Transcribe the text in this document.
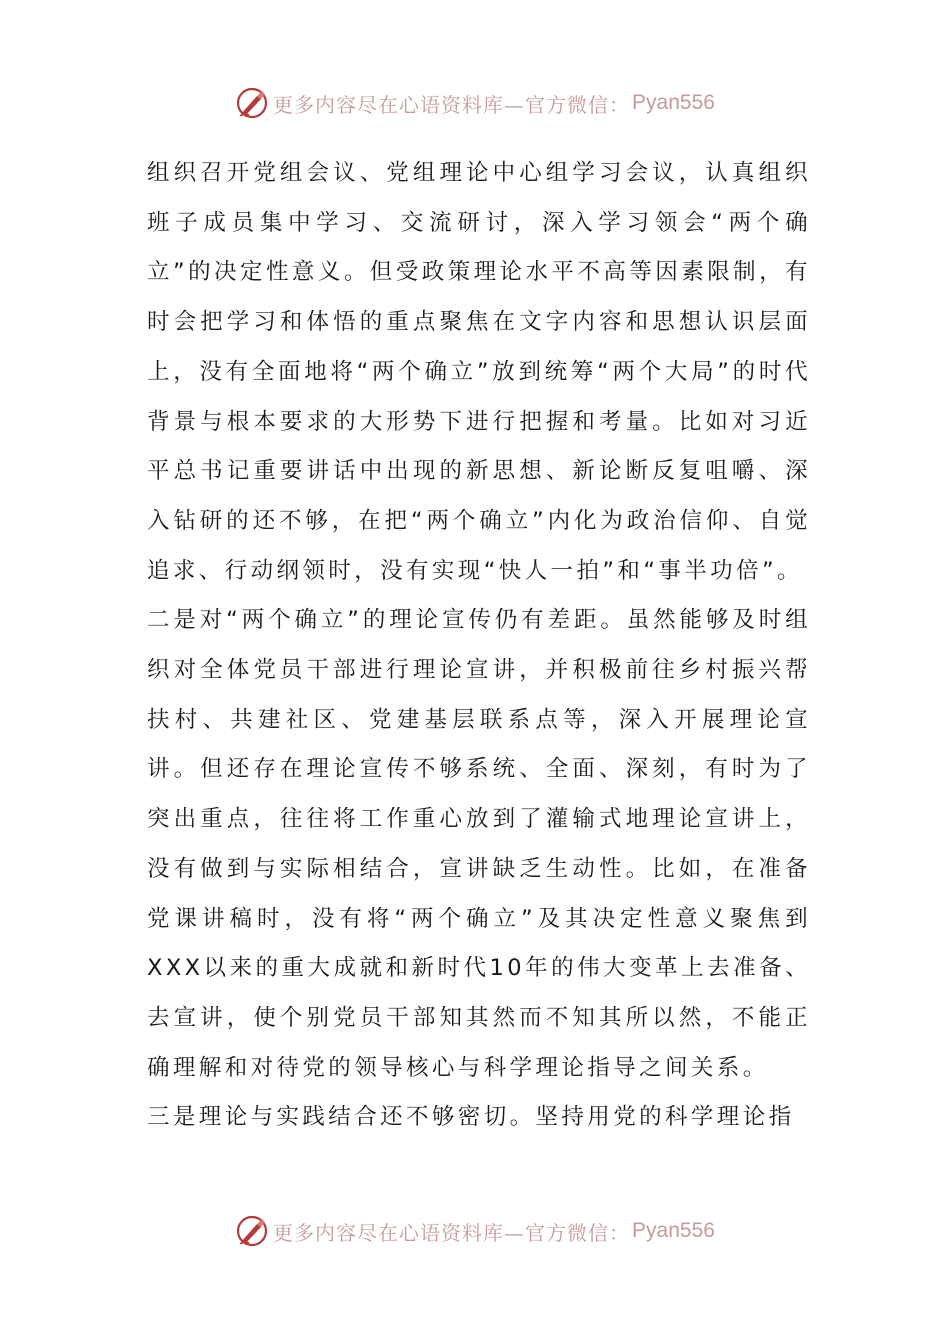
更多内容尽在心语资料库—官方微信： Pyan556

组织召开党组会议、党组理论中心组学习会议，认真组织班子成员集中学习、交流研讨，深入学习领会“两个确立”的决定性意义。但受政策理论水平不高等因素限制，有时会把学习和体悟的重点聚焦在文字内容和思想认识层面上，没有全面地将“两个确立”放到统筹“两个大局”的时代背景与根本要求的大形势下进行把握和考量。比如对习近平总书记重要讲话中出现的新思想、新论断反复咀嚼、深入钻研的还不够，在把“两个确立”内化为政治信仰、自觉追求、行动纲领时，没有实现“快人一拍”和“事半功倍”。

二是对“两个确立”的理论宣传仍有差距。虽然能够及时组织对全体党员干部进行理论宣讲，并积极前往乡村振兴帮扶村、共建社区、党建基层联系点等，深入开展理论宣讲。但还存在理论宣传不够系统、全面、深刻，有时为了突出重点，往往将工作重心放到了灌输式地理论宣讲上，没有做到与实际相结合，宣讲缺乏生动性。比如，在准备党课讲稿时，没有将“两个确立”及其决定性意义聚焦到XXX以来的重大成就和新时代10年的伟大变革上去准备、去宣讲，使个别党员干部知其然而不知其所以然，不能正确理解和对待党的领导核心与科学理论指导之间关系。

三是理论与实践结合还不够密切。坚持用党的科学理论指

更多内容尽在心语资料库—官方微信： Pyan556
